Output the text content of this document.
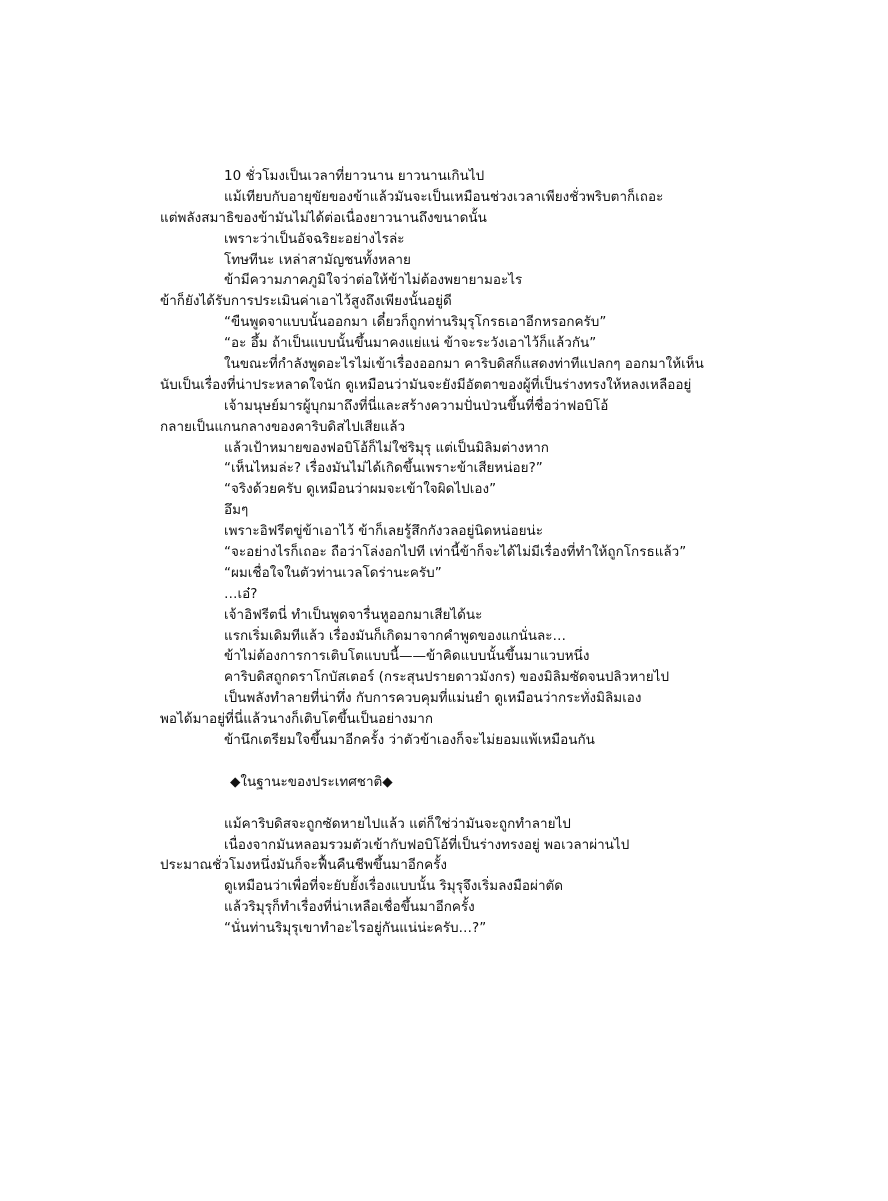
10 ชั่วโมงเป็นเวลาที่ยาวนาน ยาวนานเกินไป
แม้เทียบกับอายุขัยของข้าแล้วมันจะเป็นเหมือนช่วงเวลาเพียงชั่วพริบตาก็เถอะ
แต่พลังสมาธิของข้ามันไม่ได้ต่อเนื่องยาวนานถึงขนาดนั้น
เพราะว่าเป็นอัจฉริยะอย่างไรล่ะ
โทษทีนะ เหล่าสามัญชนทั้งหลาย
ข้ามีความภาคภูมิใจว่าต่อให้ข้าไม่ต้องพยายามอะไร
ข้าก็ยังได้รับการประเมินค่าเอาไว้สูงถึงเพียงนั้นอยู่ดี
“ขืนพูดจาแบบนั้นออกมา เดี๋ยวก็ถูกท่านริมุรุโกรธเอาอีกหรอกครับ”
“อะ อึ้ม ถ้าเป็นแบบนั้นขึ้นมาคงแย่แน่ ข้าจะระวังเอาไว้ก็แล้วกัน”
ในขณะที่กำลังพูดอะไรไม่เข้าเรื่องออกมา คาริบดิสก็แสดงท่าทีแปลกๆ ออกมาให้เห็น
นับเป็นเรื่องที่น่าประหลาดใจนัก ดูเหมือนว่ามันจะยังมีอัตตาของผู้ที่เป็นร่างทรงให้หลงเหลืออยู่
เจ้ามนุษย์มารผู้บุกมาถึงที่นี่และสร้างความปั่นป่วนขึ้นที่ชื่อว่าฟอบิโอ้
กลายเป็นแกนกลางของคาริบดิสไปเสียแล้ว
แล้วเป้าหมายของฟอบิโอ้ก็ไม่ใช่ริมุรุ แต่เป็นมิลิมต่างหาก
“เห็นไหมล่ะ? เรื่องมันไม่ได้เกิดขึ้นเพราะข้าเสียหน่อย?”
“จริงด้วยครับ ดูเหมือนว่าผมจะเข้าใจผิดไปเอง”
อึมๆ
เพราะอิฟรีตขู่ข้าเอาไว้ ข้าก็เลยรู้สึกกังวลอยู่นิดหน่อยน่ะ
“จะอย่างไรก็เถอะ ถือว่าโล่งอกไปที เท่านี้ข้าก็จะได้ไม่มีเรื่องที่ทำให้ถูกโกรธแล้ว”
“ผมเชื่อใจในตัวท่านเวลโดร่านะครับ”
…เอ๋?
เจ้าอิฟรีตนี่ ทำเป็นพูดจารื่นหูออกมาเสียได้นะ
แรกเริ่มเดิมทีแล้ว เรื่องมันก็เกิดมาจากคำพูดของแกนั่นละ…
ข้าไม่ต้องการการเติบโตแบบนี้——ข้าคิดแบบนั้นขึ้นมาแวบหนึ่ง
คาริบดิสถูกดราโกบัสเตอร์ (กระสุนปรายดาวมังกร) ของมิลิมซัดจนปลิวหายไป
เป็นพลังทำลายที่น่าทึ่ง กับการควบคุมที่แม่นยำ ดูเหมือนว่ากระทั่งมิลิมเอง
พอได้มาอยู่ที่นี่แล้วนางก็เติบโตขึ้นเป็นอย่างมาก
ข้านึกเตรียมใจขึ้นมาอีกครั้ง ว่าตัวข้าเองก็จะไม่ยอมแพ้เหมือนกัน
◆ในฐานะของประเทศชาติ◆
แม้คาริบดิสจะถูกซัดหายไปแล้ว แต่ก็ใช่ว่ามันจะถูกทำลายไป
เนื่องจากมันหลอมรวมตัวเข้ากับฟอบิโอ้ที่เป็นร่างทรงอยู่ พอเวลาผ่านไป
ประมาณชั่วโมงหนึ่งมันก็จะฟื้นคืนชีพขึ้นมาอีกครั้ง
ดูเหมือนว่าเพื่อที่จะยับยั้งเรื่องแบบนั้น ริมุรุจึงเริ่มลงมือผ่าตัด
แล้วริมุรุก็ทำเรื่องที่น่าเหลือเชื่อขึ้นมาอีกครั้ง
“นั่นท่านริมุรุเขาทำอะไรอยู่กันแน่น่ะครับ…?”
